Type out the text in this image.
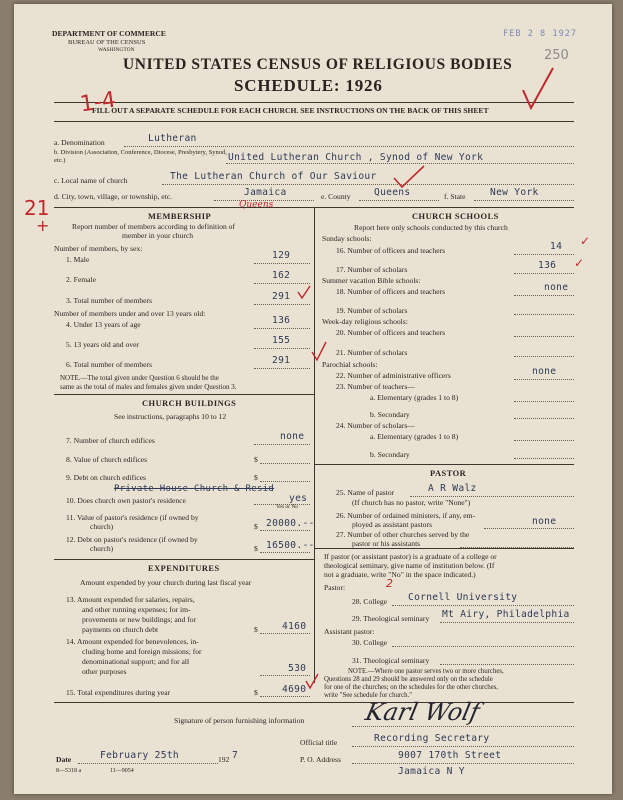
DEPARTMENT OF COMMERCE
BUREAU OF THE CENSUS
WASHINGTON
FEB 2 8 1927
250
UNITED STATES CENSUS OF RELIGIOUS BODIES
SCHEDULE: 1926
FILL OUT A SEPARATE SCHEDULE FOR EACH CHURCH. SEE INSTRUCTIONS ON THE BACK OF THIS SHEET
1-4
a. Denomination	Lutheran
b. Division (Association, Conference, Diocese, Presbytery, Synod, etc.)	United Lutheran Church , Synod of New York
c. Local name of church	The Lutheran Church of Our Saviour
d. City, town, village, or township, etc.	Jamaica
Queens
e. County Queens	f. State	New York
21
+	MEMBERSHIP
Report number of members according to definition of
member in your church
Number of members, by sex:
1. Male	129
2. Female	162
3. Total number of members	291
Number of members under and over 13 years old:
4. Under 13 years of age	136
5. 13 years old and over	155
6. Total number of members	291
NOTE.—The total given under Question 6 should be the
same as the total of males and females given under Question 3.
CHURCH BUILDINGS
See instructions, paragraphs 10 to 12
7. Number of church edifices	none
8. Value of church edifices	$
9. Debt on church edifices	$
Private House Church & Resid
10. Does church own pastor's residence	yes
Yes or No
11. Value of pastor's residence (if owned by
church)	$ 20000.--
12. Debt on pastor's residence (if owned by
church)	$ 16500.--
EXPENDITURES
Amount expended by your church during last fiscal year
13. Amount expended for salaries, repairs,
and other running expenses; for im-
provements or new buildings; and for
payments on church debt	$	4160
14. Amount expended for benevolences, in-
cluding home and foreign missions; for
denominational support; and for all
other purposes	530
15. Total expenditures during year	$	4690
CHURCH SCHOOLS
Report here only schools conducted by this church
Sunday schools:
16. Number of officers and teachers	14
17. Number of scholars	136
✓
✓
Summer vacation Bible schools:
18. Number of officers and teachers	none
19. Number of scholars
Week-day religious schools:
20. Number of officers and teachers
21. Number of scholars
Parochial schools:
22. Number of administrative officers	none
23. Number of teachers—
a. Elementary (grades 1 to 8)
b. Secondary
24. Number of scholars—
a. Elementary (grades 1 to 8)
b. Secondary
PASTOR
25. Name of pastor	A R Walz
(If church has no pastor, write "None")
26. Number of ordained ministers, if any, em-
ployed as assistant pastors	none
27. Number of other churches served by the
pastor or his assistants
If pastor (or assistant pastor) is a graduate of a college or
theological seminary, give name of institution below. (If
not a graduate, write "No" in the space indicated.)
Pastor:	2
28. College Cornell University
29. Theological seminary Mt Airy, Philadelphia
Assistant pastor:
30. College
31. Theological seminary
NOTE.—Where one pastor serves two or more churches,
Questions 28 and 29 should be answered only on the schedule
for one of the churches; on the schedules for the other churches,
write "See schedule for church."
Signature of person furnishing information Karl Wolf
Official title	Recording Secretary
Date	February 25th	192 7	P. O. Address	9007 170th Street
Jamaica N Y
8—5318 a	11—9054
